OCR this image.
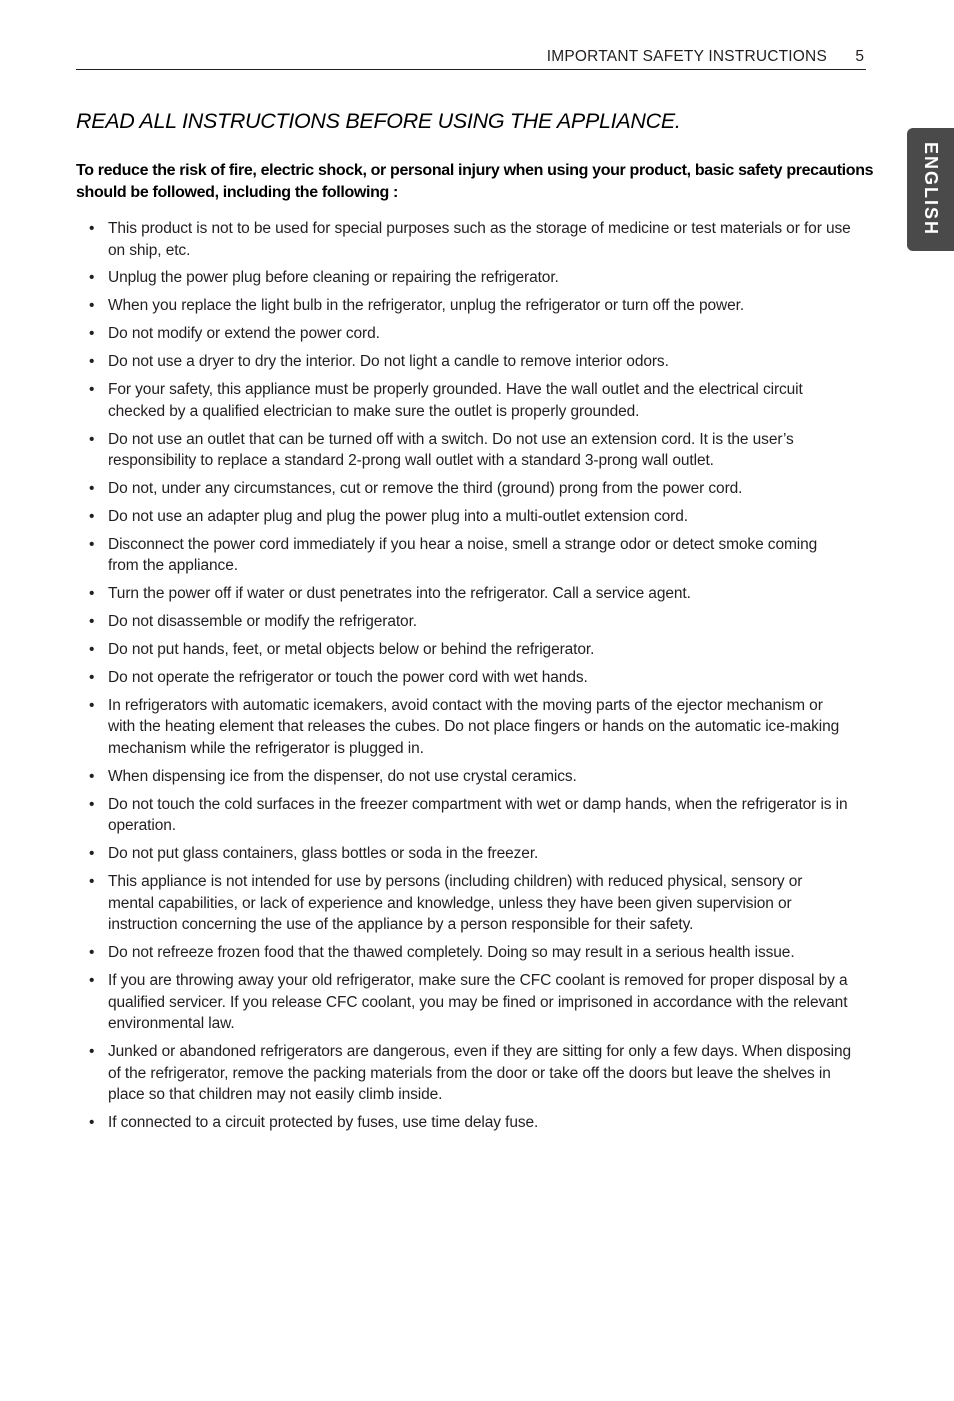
IMPORTANT SAFETY INSTRUCTIONS 5
ENGLISH
READ ALL INSTRUCTIONS BEFORE USING THE APPLIANCE.

To reduce the risk of fire, electric shock, or personal injury when using your product, basic safety precautions should be followed, including the following :

• This product is not to be used for special purposes such as the storage of medicine or test materials or for use on ship, etc.
• Unplug the power plug before cleaning or repairing the refrigerator.
• When you replace the light bulb in the refrigerator, unplug the refrigerator or turn off the power.
• Do not modify or extend the power cord.
• Do not use a dryer to dry the interior. Do not light a candle to remove interior odors.
• For your safety, this appliance must be properly grounded. Have the wall outlet and the electrical circuit checked by a qualified electrician to make sure the outlet is properly grounded.
• Do not use an outlet that can be turned off with a switch. Do not use an extension cord. It is the user’s responsibility to replace a standard 2-prong wall outlet with a standard 3-prong wall outlet.
• Do not, under any circumstances, cut or remove the third (ground) prong from the power cord.
• Do not use an adapter plug and plug the power plug into a multi-outlet extension cord.
• Disconnect the power cord immediately if you hear a noise, smell a strange odor or detect smoke coming from the appliance.
• Turn the power off if water or dust penetrates into the refrigerator. Call a service agent.
• Do not disassemble or modify the refrigerator.
• Do not put hands, feet, or metal objects below or behind the refrigerator.
• Do not operate the refrigerator or touch the power cord with wet hands.
• In refrigerators with automatic icemakers, avoid contact with the moving parts of the ejector mechanism or with the heating element that releases the cubes. Do not place fingers or hands on the automatic ice-making mechanism while the refrigerator is plugged in.
• When dispensing ice from the dispenser, do not use crystal ceramics.
• Do not touch the cold surfaces in the freezer compartment with wet or damp hands, when the refrigerator is in operation.
• Do not put glass containers, glass bottles or soda in the freezer.
• This appliance is not intended for use by persons (including children) with reduced physical, sensory or mental capabilities, or lack of experience and knowledge, unless they have been given supervision or instruction concerning the use of the appliance by a person responsible for their safety.
• Do not refreeze frozen food that the thawed completely. Doing so may result in a serious health issue.
• If you are throwing away your old refrigerator, make sure the CFC coolant is removed for proper disposal by a qualified servicer. If you release CFC coolant, you may be fined or imprisoned in accordance with the relevant environmental law.
• Junked or abandoned refrigerators are dangerous, even if they are sitting for only a few days. When disposing of the refrigerator, remove the packing materials from the door or take off the doors but leave the shelves in place so that children may not easily climb inside.
• If connected to a circuit protected by fuses, use time delay fuse.
